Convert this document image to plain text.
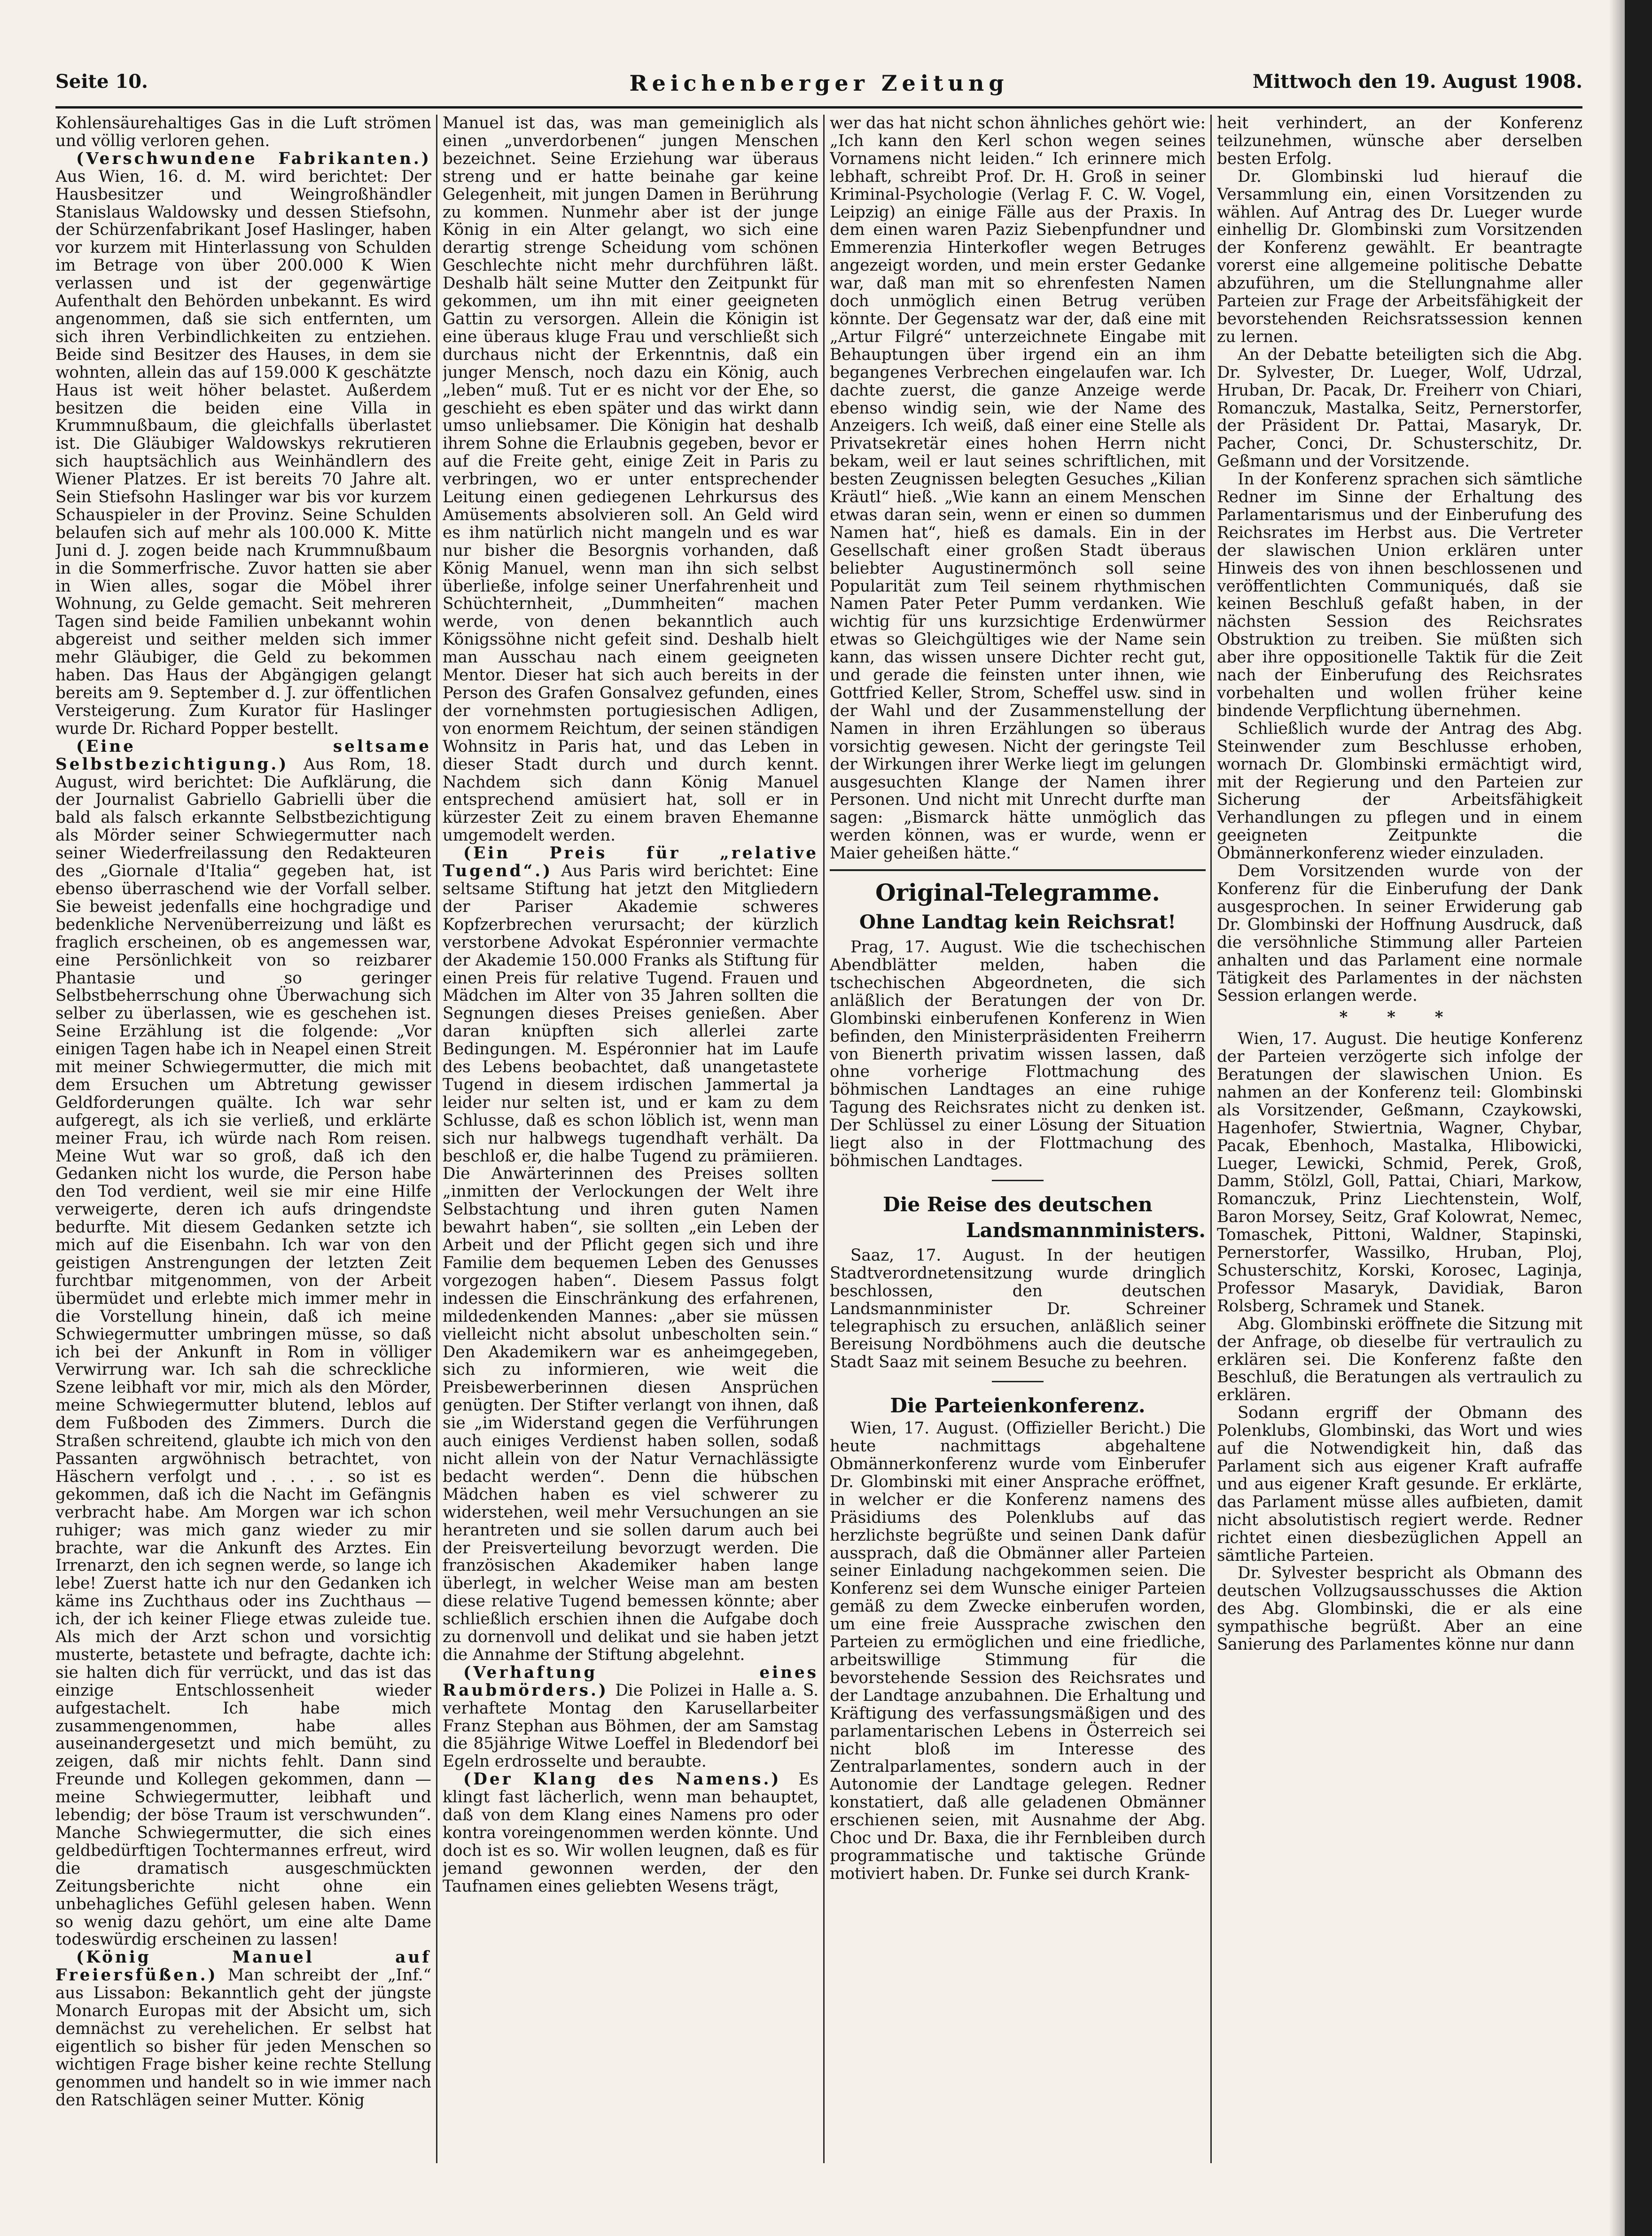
Seite 10.	Reichenberger Zeitung	Mittwoch den 19. August 1908.

Kohlensäurehaltiges Gas in die Luft strömen und völlig verloren gehen.

(Verschwundene Fabrikanten.) Aus Wien, 16. d. M. wird berichtet: Der Hausbesitzer und Weingroßhändler Stanislaus Waldowsky und dessen Stiefsohn, der Schürzenfabrikant Josef Haslinger, haben vor kurzem mit Hinterlassung von Schulden im Betrage von über 200.000 K Wien verlassen und ist der gegenwärtige Aufenthalt den Behörden unbekannt. Es wird angenommen, daß sie sich entfernten, um sich ihren Verbindlichkeiten zu entziehen. Beide sind Besitzer des Hauses, in dem sie wohnten, allein das auf 159.000 K geschätzte Haus ist weit höher belastet. Außerdem besitzen die beiden eine Villa in Krummnußbaum, die gleichfalls überlastet ist. Die Gläubiger Waldowskys rekrutieren sich hauptsächlich aus Weinhändlern des Wiener Platzes. Er ist bereits 70 Jahre alt. Sein Stiefsohn Haslinger war bis vor kurzem Schauspieler in der Provinz. Seine Schulden belaufen sich auf mehr als 100.000 K. Mitte Juni d. J. zogen beide nach Krummnußbaum in die Sommerfrische. Zuvor hatten sie aber in Wien alles, sogar die Möbel ihrer Wohnung, zu Gelde gemacht. Seit mehreren Tagen sind beide Familien unbekannt wohin abgereist und seither melden sich immer mehr Gläubiger, die Geld zu bekommen haben. Das Haus der Abgängigen gelangt bereits am 9. September d. J. zur öffentlichen Versteigerung. Zum Kurator für Haslinger wurde Dr. Richard Popper bestellt.

(Eine seltsame Selbstbezichtigung.) Aus Rom, 18. August, wird berichtet: Die Aufklärung, die der Journalist Gabriello Gabrielli über die bald als falsch erkannte Selbstbezichtigung als Mörder seiner Schwiegermutter nach seiner Wiederfreilassung den Redakteuren des „Giornale d'Italia“ gegeben hat, ist ebenso überraschend wie der Vorfall selber. Sie beweist jedenfalls eine hochgradige und bedenkliche Nervenüberreizung und läßt es fraglich erscheinen, ob es angemessen war, eine Persönlichkeit von so reizbarer Phantasie und so geringer Selbstbeherrschung ohne Überwachung sich selber zu überlassen, wie es geschehen ist. Seine Erzählung ist die folgende: „Vor einigen Tagen habe ich in Neapel einen Streit mit meiner Schwiegermutter, die mich mit dem Ersuchen um Abtretung gewisser Geldforderungen quälte. Ich war sehr aufgeregt, als ich sie verließ, und erklärte meiner Frau, ich würde nach Rom reisen. Meine Wut war so groß, daß ich den Gedanken nicht los wurde, die Person habe den Tod verdient, weil sie mir eine Hilfe verweigerte, deren ich aufs dringendste bedurfte. Mit diesem Gedanken setzte ich mich auf die Eisenbahn. Ich war von den geistigen Anstrengungen der letzten Zeit furchtbar mitgenommen, von der Arbeit übermüdet und erlebte mich immer mehr in die Vorstellung hinein, daß ich meine Schwiegermutter umbringen müsse, so daß ich bei der Ankunft in Rom in völliger Verwirrung war. Ich sah die schreckliche Szene leibhaft vor mir, mich als den Mörder, meine Schwiegermutter blutend, leblos auf dem Fußboden des Zimmers. Durch die Straßen schreitend, glaubte ich mich von den Passanten argwöhnisch betrachtet, von Häschern verfolgt und . . . . so ist es gekommen, daß ich die Nacht im Gefängnis verbracht habe. Am Morgen war ich schon ruhiger; was mich ganz wieder zu mir brachte, war die Ankunft des Arztes. Ein Irrenarzt, den ich segnen werde, so lange ich lebe! Zuerst hatte ich nur den Gedanken ich käme ins Zuchthaus oder ins Zuchthaus — ich, der ich keiner Fliege etwas zuleide tue. Als mich der Arzt schon und vorsichtig musterte, betastete und befragte, dachte ich: sie halten dich für verrückt, und das ist das einzige Entschlossenheit wieder aufgestachelt. Ich habe mich zusammengenommen, habe alles auseinandergesetzt und mich bemüht, zu zeigen, daß mir nichts fehlt. Dann sind Freunde und Kollegen gekommen, dann — meine Schwiegermutter, leibhaft und lebendig; der böse Traum ist verschwunden“. Manche Schwiegermutter, die sich eines geldbedürftigen Tochtermannes erfreut, wird die dramatisch ausgeschmückten Zeitungsberichte nicht ohne ein unbehagliches Gefühl gelesen haben. Wenn so wenig dazu gehört, um eine alte Dame todeswürdig erscheinen zu lassen!

(König Manuel auf Freiersfüßen.) Man schreibt der „Inf.“ aus Lissabon: Bekanntlich geht der jüngste Monarch Europas mit der Absicht um, sich demnächst zu verehelichen. Er selbst hat eigentlich so bisher für jeden Menschen so wichtigen Frage bisher keine rechte Stellung genommen und handelt so in wie immer nach den Ratschlägen seiner Mutter. König

Manuel ist das, was man gemeiniglich als einen „unverdorbenen“ jungen Menschen bezeichnet. Seine Erziehung war überaus streng und er hatte beinahe gar keine Gelegenheit, mit jungen Damen in Berührung zu kommen. Nunmehr aber ist der junge König in ein Alter gelangt, wo sich eine derartig strenge Scheidung vom schönen Geschlechte nicht mehr durchführen läßt. Deshalb hält seine Mutter den Zeitpunkt für gekommen, um ihn mit einer geeigneten Gattin zu versorgen. Allein die Königin ist eine überaus kluge Frau und verschließt sich durchaus nicht der Erkenntnis, daß ein junger Mensch, noch dazu ein König, auch „leben“ muß. Tut er es nicht vor der Ehe, so geschieht es eben später und das wirkt dann umso unliebsamer. Die Königin hat deshalb ihrem Sohne die Erlaubnis gegeben, bevor er auf die Freite geht, einige Zeit in Paris zu verbringen, wo er unter entsprechender Leitung einen gediegenen Lehrkursus des Amüsements absolvieren soll. An Geld wird es ihm natürlich nicht mangeln und es war nur bisher die Besorgnis vorhanden, daß König Manuel, wenn man ihn sich selbst überließe, infolge seiner Unerfahrenheit und Schüchternheit, „Dummheiten“ machen werde, von denen bekanntlich auch Königssöhne nicht gefeit sind. Deshalb hielt man Ausschau nach einem geeigneten Mentor. Dieser hat sich auch bereits in der Person des Grafen Gonsalvez gefunden, eines der vornehmsten portugiesischen Adligen, von enormem Reichtum, der seinen ständigen Wohnsitz in Paris hat, und das Leben in dieser Stadt durch und durch kennt. Nachdem sich dann König Manuel entsprechend amüsiert hat, soll er in kürzester Zeit zu einem braven Ehemanne umgemodelt werden.

(Ein Preis für „relative Tugend“.) Aus Paris wird berichtet: Eine seltsame Stiftung hat jetzt den Mitgliedern der Pariser Akademie schweres Kopfzerbrechen verursacht; der kürzlich verstorbene Advokat Espéronnier vermachte der Akademie 150.000 Franks als Stiftung für einen Preis für relative Tugend. Frauen und Mädchen im Alter von 35 Jahren sollten die Segnungen dieses Preises genießen. Aber daran knüpften sich allerlei zarte Bedingungen. M. Espéronnier hat im Laufe des Lebens beobachtet, daß unangetastete Tugend in diesem irdischen Jammertal ja leider nur selten ist, und er kam zu dem Schlusse, daß es schon löblich ist, wenn man sich nur halbwegs tugendhaft verhält. Da beschloß er, die halbe Tugend zu prämiieren. Die Anwärterinnen des Preises sollten „inmitten der Verlockungen der Welt ihre Selbstachtung und ihren guten Namen bewahrt haben“, sie sollten „ein Leben der Arbeit und der Pflicht gegen sich und ihre Familie dem bequemen Leben des Genusses vorgezogen haben“. Diesem Passus folgt indessen die Einschränkung des erfahrenen, mildedenkenden Mannes: „aber sie müssen vielleicht nicht absolut unbescholten sein.“ Den Akademikern war es anheimgegeben, sich zu informieren, wie weit die Preisbewerberinnen diesen Ansprüchen genügten. Der Stifter verlangt von ihnen, daß sie „im Widerstand gegen die Verführungen auch einiges Verdienst haben sollen, sodaß nicht allein von der Natur Vernachlässigte bedacht werden“. Denn die hübschen Mädchen haben es viel schwerer zu widerstehen, weil mehr Versuchungen an sie herantreten und sie sollen darum auch bei der Preisverteilung bevorzugt werden. Die französischen Akademiker haben lange überlegt, in welcher Weise man am besten diese relative Tugend bemessen könnte; aber schließlich erschien ihnen die Aufgabe doch zu dornenvoll und delikat und sie haben jetzt die Annahme der Stiftung abgelehnt.

(Verhaftung eines Raubmörders.) Die Polizei in Halle a. S. verhaftete Montag den Karusellarbeiter Franz Stephan aus Böhmen, der am Samstag die 85jährige Witwe Loeffel in Bledendorf bei Egeln erdrosselte und beraubte.

(Der Klang des Namens.) Es klingt fast lächerlich, wenn man behauptet, daß von dem Klang eines Namens pro oder kontra voreingenommen werden könnte. Und doch ist es so. Wir wollen leugnen, daß es für jemand gewonnen werden, der den Taufnamen eines geliebten Wesens trägt,

wer das hat nicht schon ähnliches gehört wie: „Ich kann den Kerl schon wegen seines Vornamens nicht leiden.“ Ich erinnere mich lebhaft, schreibt Prof. Dr. H. Groß in seiner Kriminal-Psychologie (Verlag F. C. W. Vogel, Leipzig) an einige Fälle aus der Praxis. In dem einen waren Paziz Siebenpfundner und Emmerenzia Hinterkofler wegen Betruges angezeigt worden, und mein erster Gedanke war, daß man mit so ehrenfesten Namen doch unmöglich einen Betrug verüben könnte. Der Gegensatz war der, daß eine mit „Artur Filgré“ unterzeichnete Eingabe mit Behauptungen über irgend ein an ihm begangenes Verbrechen eingelaufen war. Ich dachte zuerst, die ganze Anzeige werde ebenso windig sein, wie der Name des Anzeigers. Ich weiß, daß einer eine Stelle als Privatsekretär eines hohen Herrn nicht bekam, weil er laut seines schriftlichen, mit besten Zeugnissen belegten Gesuches „Kilian Kräutl“ hieß. „Wie kann an einem Menschen etwas daran sein, wenn er einen so dummen Namen hat“, hieß es damals. Ein in der Gesellschaft einer großen Stadt überaus beliebter Augustinermönch soll seine Popularität zum Teil seinem rhythmischen Namen Pater Peter Pumm verdanken. Wie wichtig für uns kurzsichtige Erdenwürmer etwas so Gleichgültiges wie der Name sein kann, das wissen unsere Dichter recht gut, und gerade die feinsten unter ihnen, wie Gottfried Keller, Strom, Scheffel usw. sind in der Wahl und der Zusammenstellung der Namen in ihren Erzählungen so überaus vorsichtig gewesen. Nicht der geringste Teil der Wirkungen ihrer Werke liegt im gelungen ausgesuchten Klange der Namen ihrer Personen. Und nicht mit Unrecht durfte man sagen: „Bismarck hätte unmöglich das werden können, was er wurde, wenn er Maier geheißen hätte.“

Original-Telegramme.
Ohne Landtag kein Reichsrat!

Prag, 17. August. Wie die tschechischen Abendblätter melden, haben die tschechischen Abgeordneten, die sich anläßlich der Beratungen der von Dr. Glombinski einberufenen Konferenz in Wien befinden, den Ministerpräsidenten Freiherrn von Bienerth privatim wissen lassen, daß ohne vorherige Flottmachung des böhmischen Landtages an eine ruhige Tagung des Reichsrates nicht zu denken ist. Der Schlüssel zu einer Lösung der Situation liegt also in der Flottmachung des böhmischen Landtages.

Die Reise des deutschen
Landsmannministers.

Saaz, 17. August. In der heutigen Stadtverordnetensitzung wurde dringlich beschlossen, den deutschen Landsmannminister Dr. Schreiner telegraphisch zu ersuchen, anläßlich seiner Bereisung Nordböhmens auch die deutsche Stadt Saaz mit seinem Besuche zu beehren.

Die Parteienkonferenz.

Wien, 17. August. (Offizieller Bericht.) Die heute nachmittags abgehaltene Obmännerkonferenz wurde vom Einberufer Dr. Glombinski mit einer Ansprache eröffnet, in welcher er die Konferenz namens des Präsidiums des Polenklubs auf das herzlichste begrüßte und seinen Dank dafür aussprach, daß die Obmänner aller Parteien seiner Einladung nachgekommen seien. Die Konferenz sei dem Wunsche einiger Parteien gemäß zu dem Zwecke einberufen worden, um eine freie Aussprache zwischen den Parteien zu ermöglichen und eine friedliche, arbeitswillige Stimmung für die bevorstehende Session des Reichsrates und der Landtage anzubahnen. Die Erhaltung und Kräftigung des verfassungsmäßigen und des parlamentarischen Lebens in Österreich sei nicht bloß im Interesse des Zentralparlamentes, sondern auch in der Autonomie der Landtage gelegen. Redner konstatiert, daß alle geladenen Obmänner erschienen seien, mit Ausnahme der Abg. Choc und Dr. Baxa, die ihr Fernbleiben durch programmatische und taktische Gründe motiviert haben. Dr. Funke sei durch Krank-

heit verhindert, an der Konferenz teilzunehmen, wünsche aber derselben besten Erfolg.

Dr. Glombinski lud hierauf die Versammlung ein, einen Vorsitzenden zu wählen. Auf Antrag des Dr. Lueger wurde einhellig Dr. Glombinski zum Vorsitzenden der Konferenz gewählt. Er beantragte vorerst eine allgemeine politische Debatte abzuführen, um die Stellungnahme aller Parteien zur Frage der Arbeitsfähigkeit der bevorstehenden Reichsratssession kennen zu lernen.

An der Debatte beteiligten sich die Abg. Dr. Sylvester, Dr. Lueger, Wolf, Udrzal, Hruban, Dr. Pacak, Dr. Freiherr von Chiari, Romanczuk, Mastalka, Seitz, Pernerstorfer, der Präsident Dr. Pattai, Masaryk, Dr. Pacher, Conci, Dr. Schusterschitz, Dr. Geßmann und der Vorsitzende.

In der Konferenz sprachen sich sämtliche Redner im Sinne der Erhaltung des Parlamentarismus und der Einberufung des Reichsrates im Herbst aus. Die Vertreter der slawischen Union erklären unter Hinweis des von ihnen beschlossenen und veröffentlichten Communiqués, daß sie keinen Beschluß gefaßt haben, in der nächsten Session des Reichsrates Obstruktion zu treiben. Sie müßten sich aber ihre oppositionelle Taktik für die Zeit nach der Einberufung des Reichsrates vorbehalten und wollen früher keine bindende Verpflichtung übernehmen.

Schließlich wurde der Antrag des Abg. Steinwender zum Beschlusse erhoben, wornach Dr. Glombinski ermächtigt wird, mit der Regierung und den Parteien zur Sicherung der Arbeitsfähigkeit Verhandlungen zu pflegen und in einem geeigneten Zeitpunkte die Obmännerkonferenz wieder einzuladen.

Dem Vorsitzenden wurde von der Konferenz für die Einberufung der Dank ausgesprochen. In seiner Erwiderung gab Dr. Glombinski der Hoffnung Ausdruck, daß die versöhnliche Stimmung aller Parteien anhalten und das Parlament eine normale Tätigkeit des Parlamentes in der nächsten Session erlangen werde.

* * *

Wien, 17. August. Die heutige Konferenz der Parteien verzögerte sich infolge der Beratungen der slawischen Union. Es nahmen an der Konferenz teil: Glombinski als Vorsitzender, Geßmann, Czaykowski, Hagenhofer, Stwiertnia, Wagner, Chybar, Pacak, Ebenhoch, Mastalka, Hlibowicki, Lueger, Lewicki, Schmid, Perek, Groß, Damm, Stölzl, Goll, Pattai, Chiari, Markow, Romanczuk, Prinz Liechtenstein, Wolf, Baron Morsey, Seitz, Graf Kolowrat, Nemec, Tomaschek, Pittoni, Waldner, Stapinski, Pernerstorfer, Wassilko, Hruban, Ploj, Schusterschitz, Korski, Korosec, Laginja, Professor Masaryk, Davidiak, Baron Rolsberg, Schramek und Stanek.

Abg. Glombinski eröffnete die Sitzung mit der Anfrage, ob dieselbe für vertraulich zu erklären sei. Die Konferenz faßte den Beschluß, die Beratungen als vertraulich zu erklären.

Sodann ergriff der Obmann des Polenklubs, Glombinski, das Wort und wies auf die Notwendigkeit hin, daß das Parlament sich aus eigener Kraft aufraffe und aus eigener Kraft gesunde. Er erklärte, das Parlament müsse alles aufbieten, damit nicht absolutistisch regiert werde. Redner richtet einen diesbezüglichen Appell an sämtliche Parteien.

Dr. Sylvester bespricht als Obmann des deutschen Vollzugsausschusses die Aktion des Abg. Glombinski, die er als eine sympathische begrüßt. Aber an eine Sanierung des Parlamentes könne nur dann
